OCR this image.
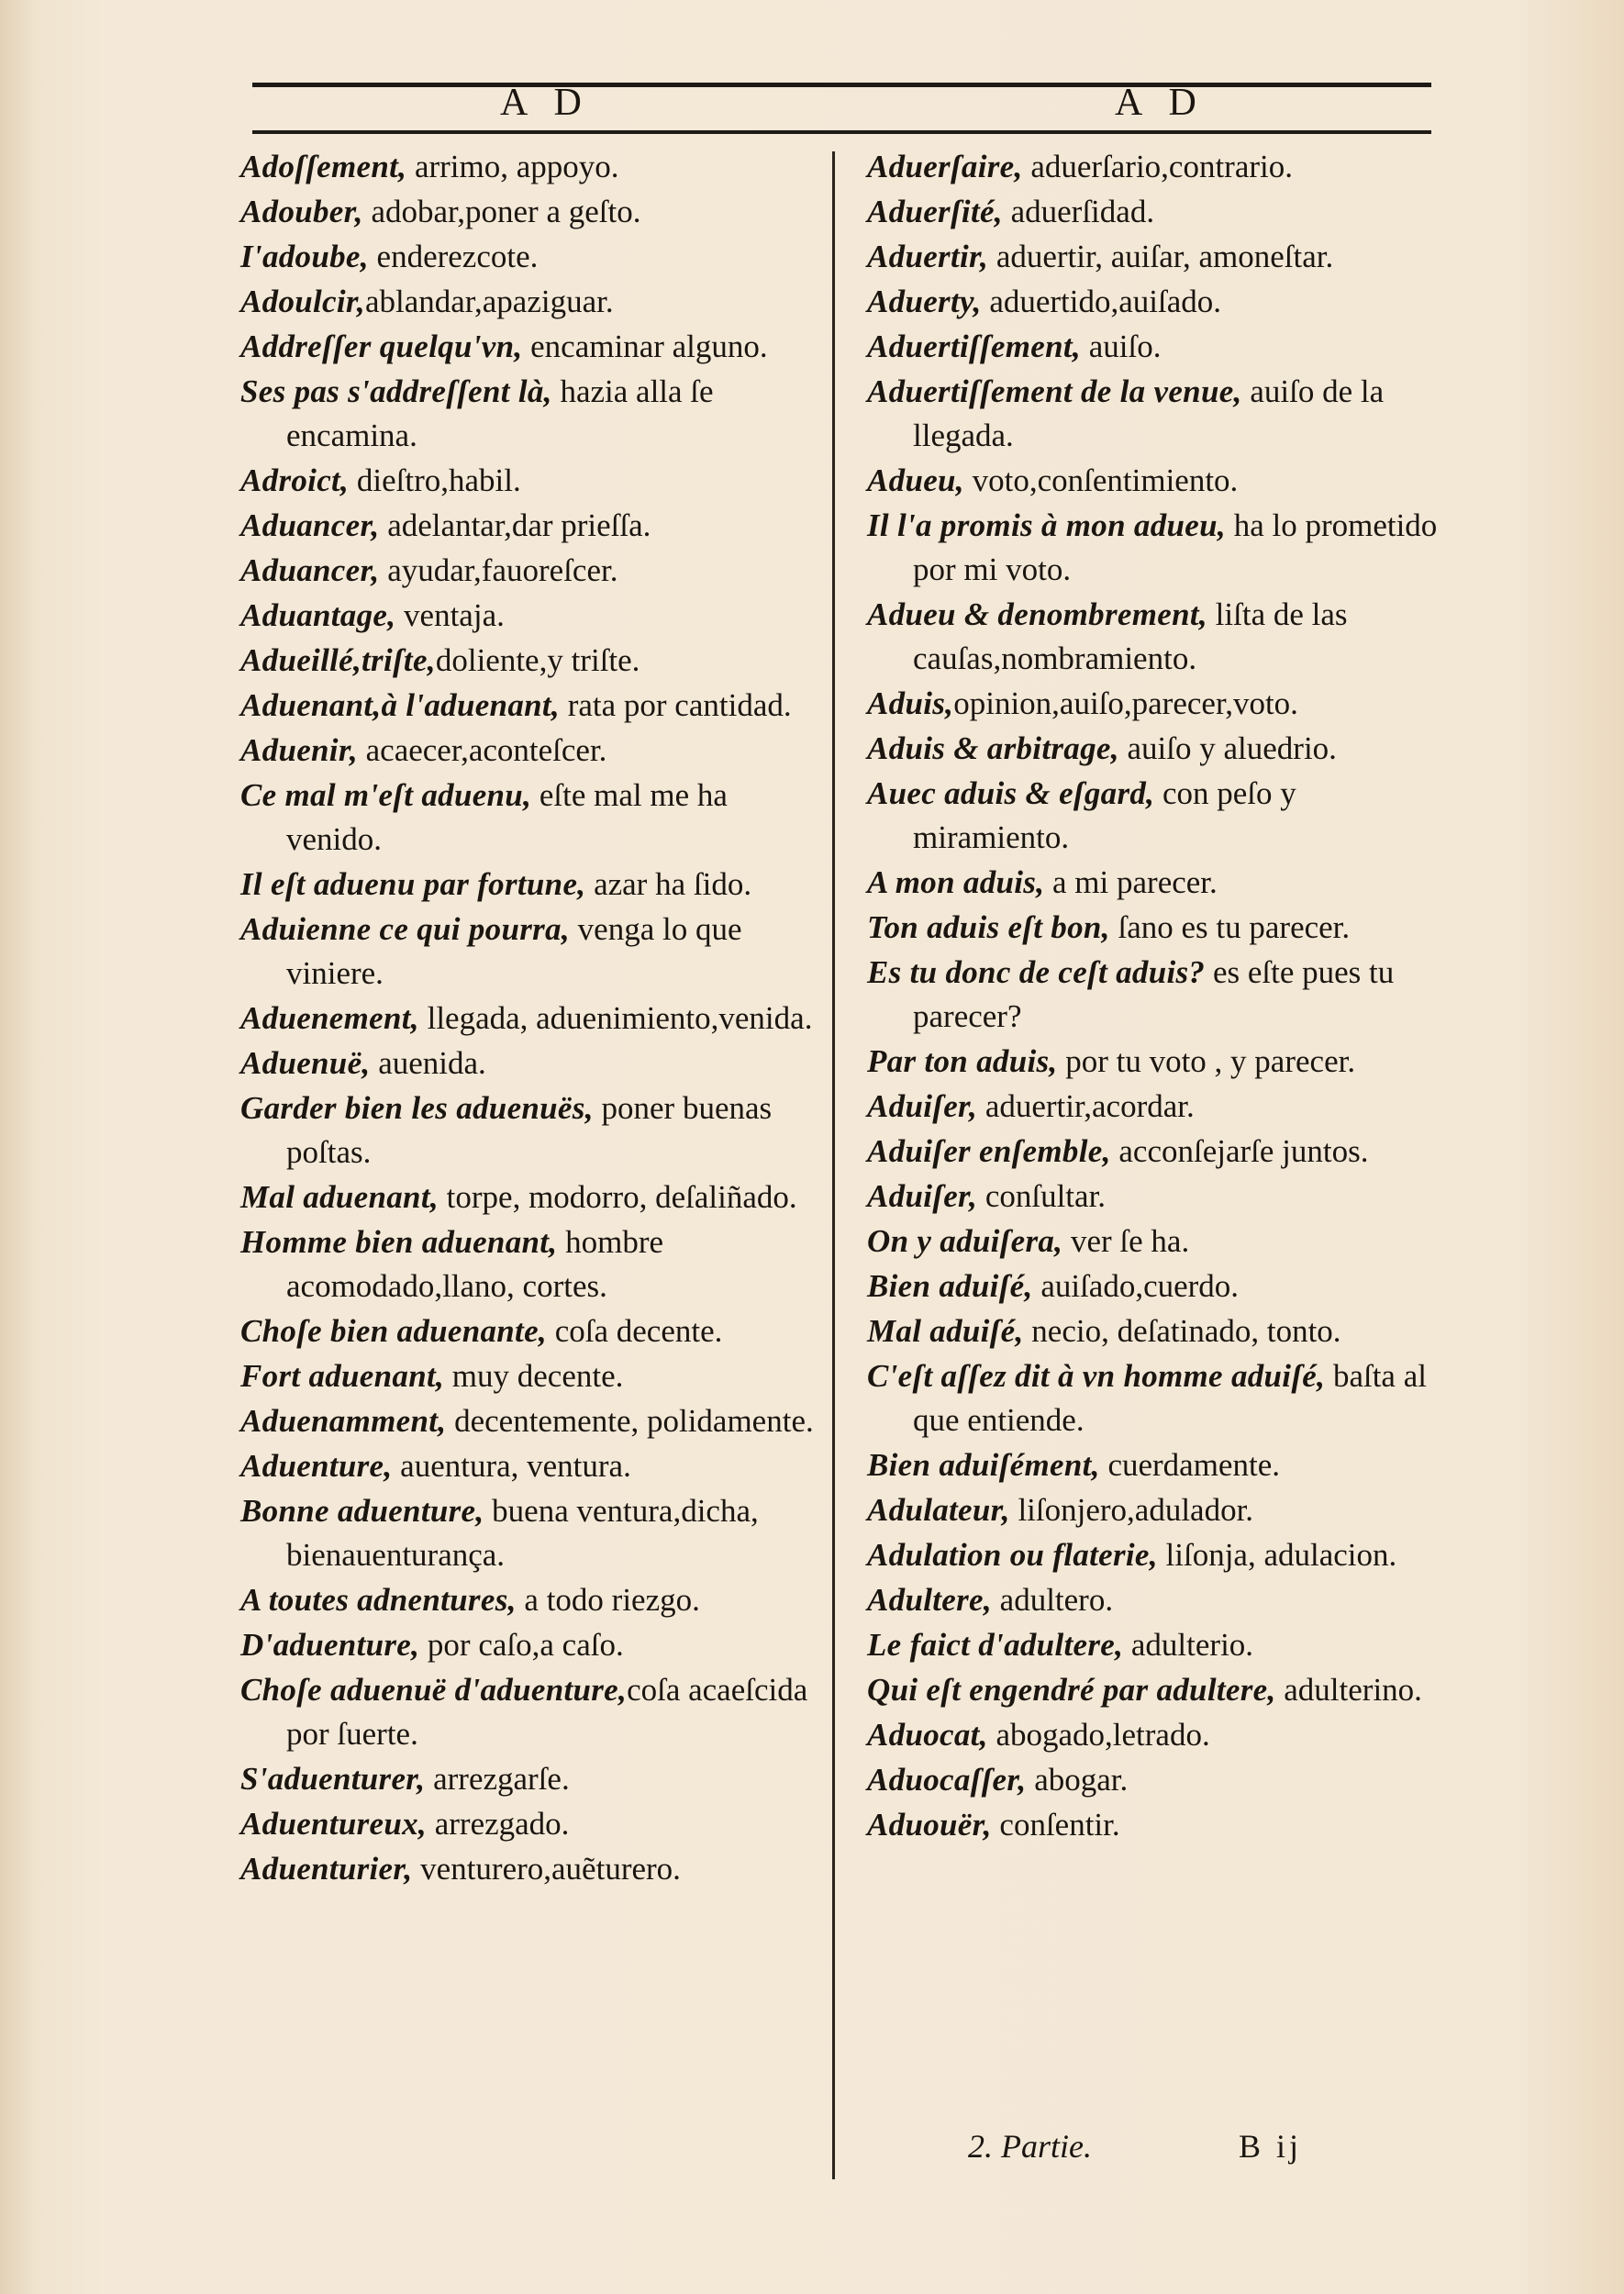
A D	A D

Adoſſement, arrimo, appoyo.

Adouber, adobar,poner a geſto.

I'adoube, enderezcote.

Adoulcir,ablandar,apaziguar.

Addreſſer quelqu'vn, encaminar alguno.

Ses pas s'addreſſent là, hazia alla ſe encamina.

Adroict, dieſtro,habil.

Aduancer, adelantar,dar prieſſa.

Aduancer, ayudar,fauoreſcer.

Aduantage, ventaja.

Adueillé,triſte,doliente,y triſte.

Aduenant,à l'aduenant, rata por cantidad.

Aduenir, acaecer,aconteſcer.

Ce mal m'eſt aduenu, eſte mal me ha venido.

Il eſt aduenu par fortune, azar ha ſido.

Aduienne ce qui pourra, venga lo que viniere.

Aduenement, llegada, aduenimiento,venida.

Aduenuë, auenida.

Garder bien les aduenuës, poner buenas poſtas.

Mal aduenant, torpe, modorro, deſaliñado.

Homme bien aduenant, hombre acomodado,llano, cortes.

Choſe bien aduenante, coſa decente.

Fort aduenant, muy decente.

Aduenamment, decentemente, polidamente.

Aduenture, auentura, ventura.

Bonne aduenture, buena ventura,dicha, bienauenturança.

A toutes adnentures, a todo riezgo.

D'aduenture, por caſo,a caſo.

Choſe aduenuë d'aduenture,coſa acaeſcida por ſuerte.

S'aduenturer, arrezgarſe.

Aduentureux, arrezgado.

Aduenturier, venturero,auẽturero.

Aduerſaire, aduerſario,contrario.

Aduerſité, aduerſidad.

Aduertir, aduertir, auiſar, amoneſtar.

Aduerty, aduertido,auiſado.

Aduertiſſement, auiſo.

Aduertiſſement de la venue, auiſo de la llegada.

Adueu, voto,conſentimiento.

Il l'a promis à mon adueu, ha lo prometido por mi voto.

Adueu & denombrement, liſta de las cauſas,nombramiento.

Aduis,opinion,auiſo,parecer,voto.

Aduis & arbitrage, auiſo y aluedrio.

Auec aduis & eſgard, con peſo y miramiento.

A mon aduis, a mi parecer.

Ton aduis eſt bon, ſano es tu parecer.

Es tu donc de ceſt aduis? es eſte pues tu parecer?

Par ton aduis, por tu voto , y parecer.

Aduiſer, aduertir,acordar.

Aduiſer enſemble, acconſejarſe juntos.

Aduiſer, conſultar.

On y aduiſera, ver ſe ha.

Bien aduiſé, auiſado,cuerdo.

Mal aduiſé, necio, deſatinado, tonto.

C'eſt aſſez dit à vn homme aduiſé, baſta al que entiende.

Bien aduiſément, cuerdamente.

Adulateur, liſonjero,adulador.

Adulation ou flaterie, liſonja, adulacion.

Adultere, adultero.

Le faict d'adultere, adulterio.

Qui eſt engendré par adultere, adulterino.

Aduocat, abogado,letrado.

Aduocaſſer, abogar.

Aduouër, conſentir.

2. Partie.	B ij
